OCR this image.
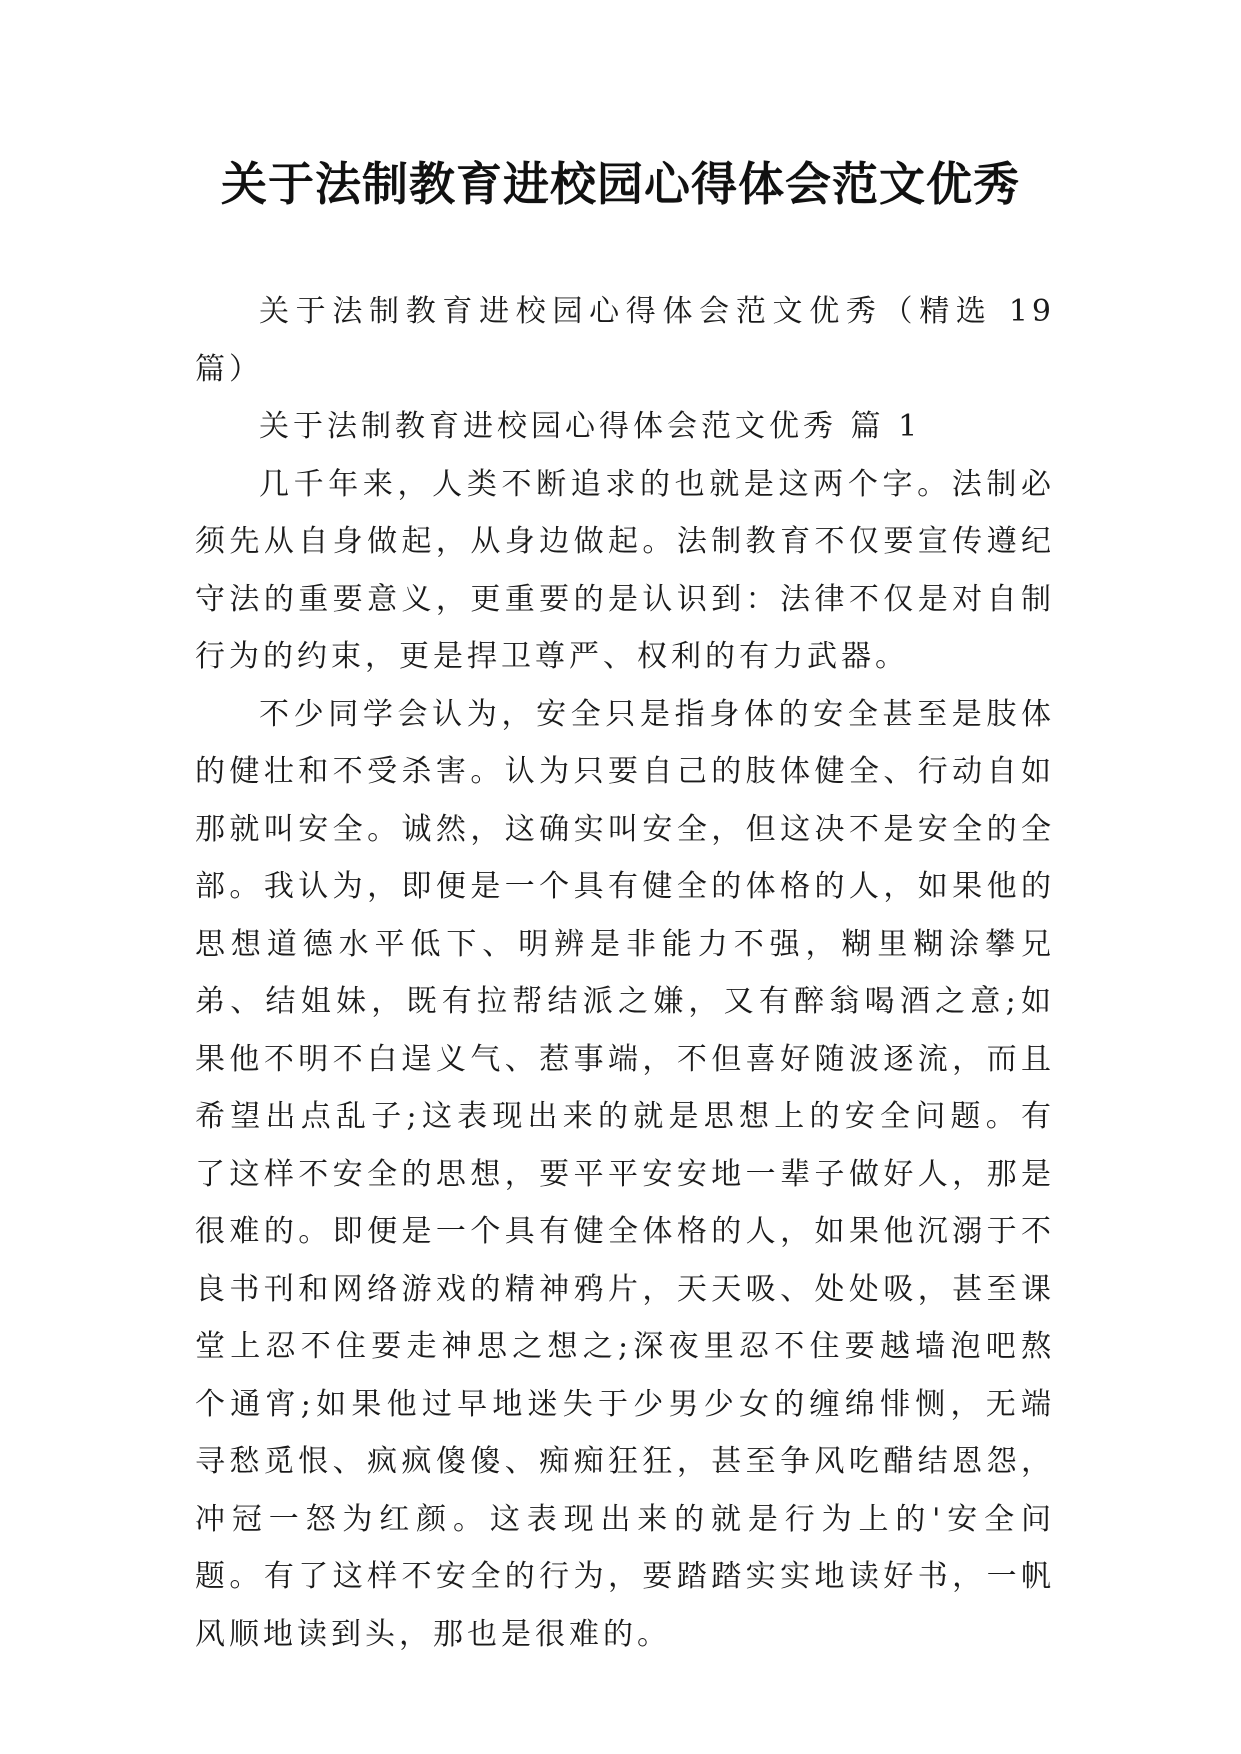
关于法制教育进校园心得体会范文优秀

关于法制教育进校园心得体会范文优秀（精选 19 篇）

关于法制教育进校园心得体会范文优秀 篇 1

几千年来，人类不断追求的也就是这两个字。法制必须先从自身做起，从身边做起。法制教育不仅要宣传遵纪守法的重要意义，更重要的是认识到：法律不仅是对自制行为的约束，更是捍卫尊严、权利的有力武器。

不少同学会认为，安全只是指身体的安全甚至是肢体的健壮和不受杀害。认为只要自己的肢体健全、行动自如那就叫安全。诚然，这确实叫安全，但这决不是安全的全部。我认为，即便是一个具有健全的体格的人，如果他的思想道德水平低下、明辨是非能力不强，糊里糊涂攀兄弟、结姐妹，既有拉帮结派之嫌，又有醉翁喝酒之意;如果他不明不白逞义气、惹事端，不但喜好随波逐流，而且希望出点乱子;这表现出来的就是思想上的安全问题。有了这样不安全的思想，要平平安安地一辈子做好人，那是很难的。即便是一个具有健全体格的人，如果他沉溺于不良书刊和网络游戏的精神鸦片，天天吸、处处吸，甚至课堂上忍不住要走神思之想之;深夜里忍不住要越墙泡吧熬个通宵;如果他过早地迷失于少男少女的缠绵悱恻，无端寻愁觅恨、疯疯傻傻、痴痴狂狂，甚至争风吃醋结恩怨，冲冠一怒为红颜。这表现出来的就是行为上的'安全问题。有了这样不安全的行为，要踏踏实实地读好书，一帆风顺地读到头，那也是很难的。
